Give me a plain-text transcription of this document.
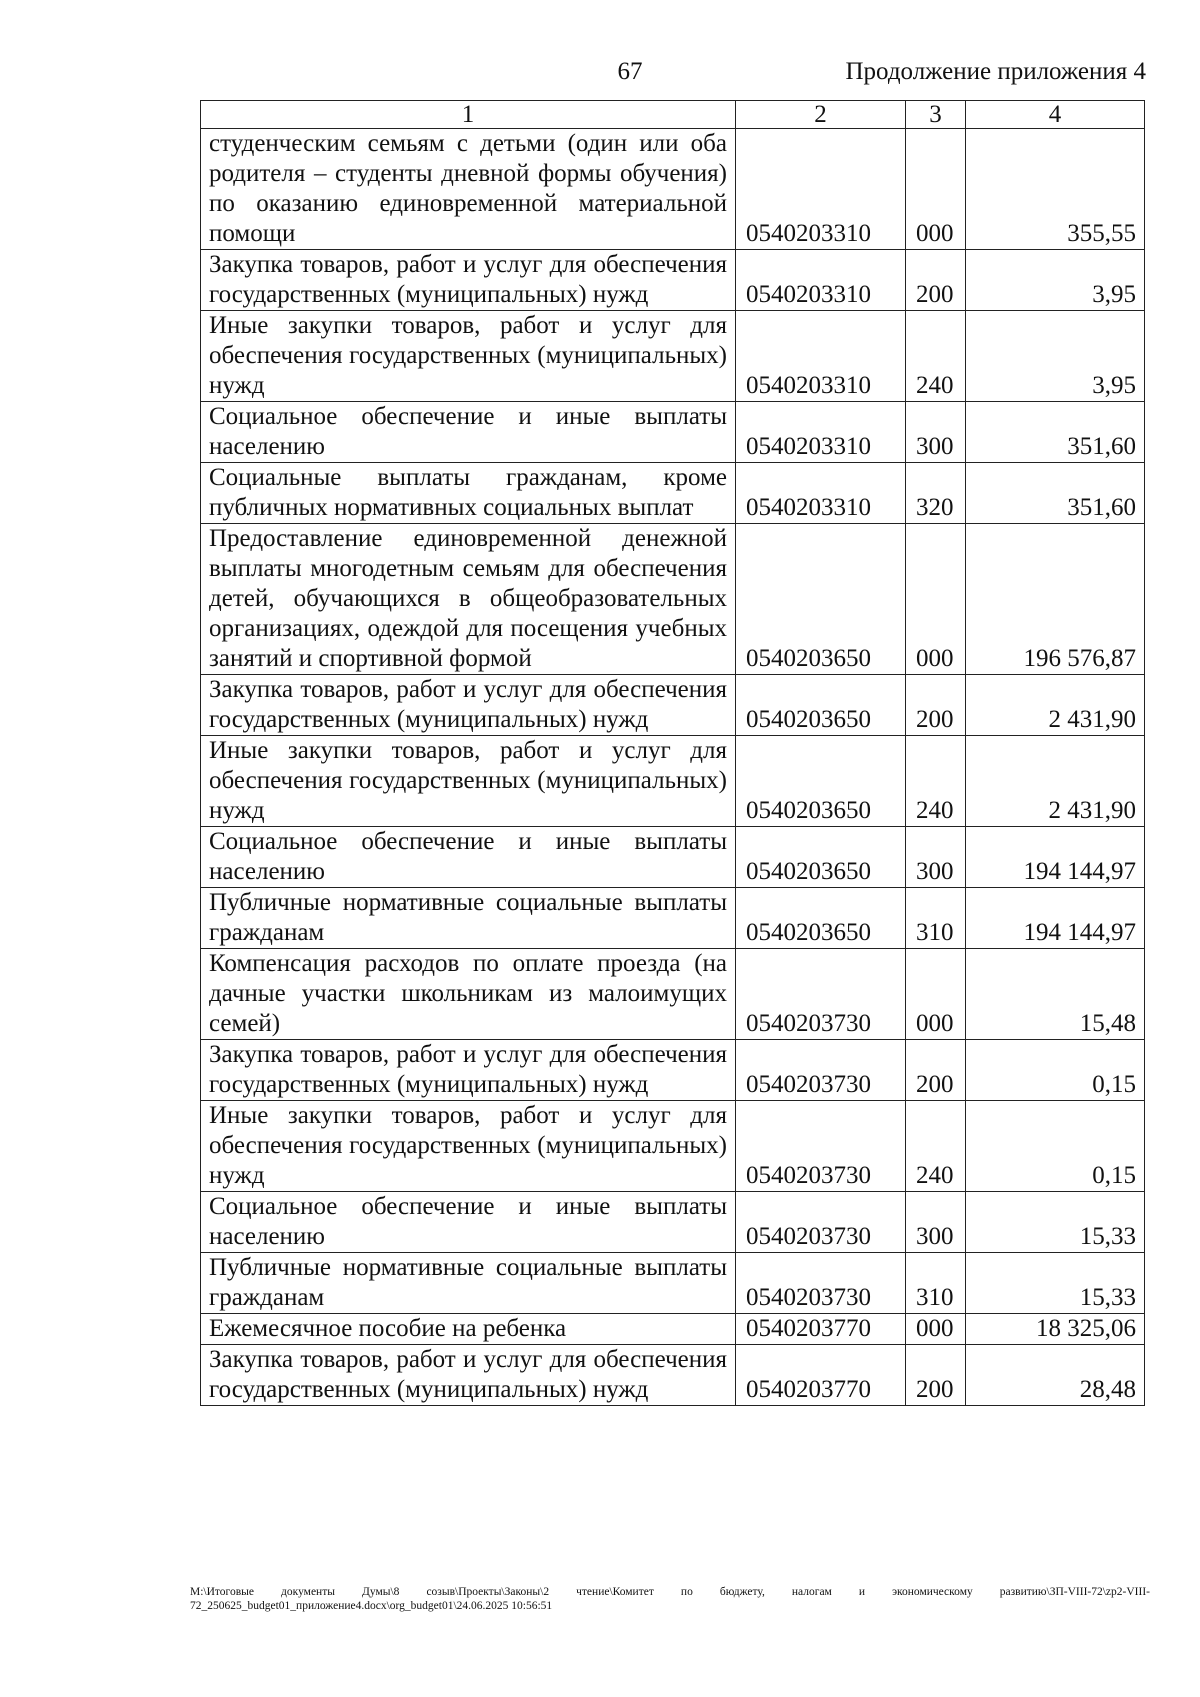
67	Продолжение приложения 4
1	2	3	4
студенческим семьям с детьми (один или оба родителя – студенты дневной формы обучения) по оказанию единовременной материальной помощи	0540203310	000	355,55
Закупка товаров, работ и услуг для обеспечения государственных (муниципальных) нужд	0540203310	200	3,95
Иные закупки товаров, работ и услуг для обеспечения государственных (муниципальных) нужд	0540203310	240	3,95
Социальное обеспечение и иные выплаты населению	0540203310	300	351,60
Социальные выплаты гражданам, кроме публичных нормативных социальных выплат	0540203310	320	351,60
Предоставление единовременной денежной выплаты многодетным семьям для обеспечения детей, обучающихся в общеобразовательных организациях, одеждой для посещения учебных занятий и спортивной формой	0540203650	000	196 576,87
Закупка товаров, работ и услуг для обеспечения государственных (муниципальных) нужд	0540203650	200	2 431,90
Иные закупки товаров, работ и услуг для обеспечения государственных (муниципальных) нужд	0540203650	240	2 431,90
Социальное обеспечение и иные выплаты населению	0540203650	300	194 144,97
Публичные нормативные социальные выплаты гражданам	0540203650	310	194 144,97
Компенсация расходов по оплате проезда (на дачные участки школьникам из малоимущих семей)	0540203730	000	15,48
Закупка товаров, работ и услуг для обеспечения государственных (муниципальных) нужд	0540203730	200	0,15
Иные закупки товаров, работ и услуг для обеспечения государственных (муниципальных) нужд	0540203730	240	0,15
Социальное обеспечение и иные выплаты населению	0540203730	300	15,33
Публичные нормативные социальные выплаты гражданам	0540203730	310	15,33
Ежемесячное пособие на ребенка	0540203770	000	18 325,06
Закупка товаров, работ и услуг для обеспечения государственных (муниципальных) нужд	0540203770	200	28,48
M:\Итоговые документы Думы\8 созыв\Проекты\Законы\2 чтение\Комитет по бюджету, налогам и экономическому развитию\ЗП-VIII-72\zp2-VIII-72_250625_budget01_приложение4.docx\org_budget01\24.06.2025 10:56:51
